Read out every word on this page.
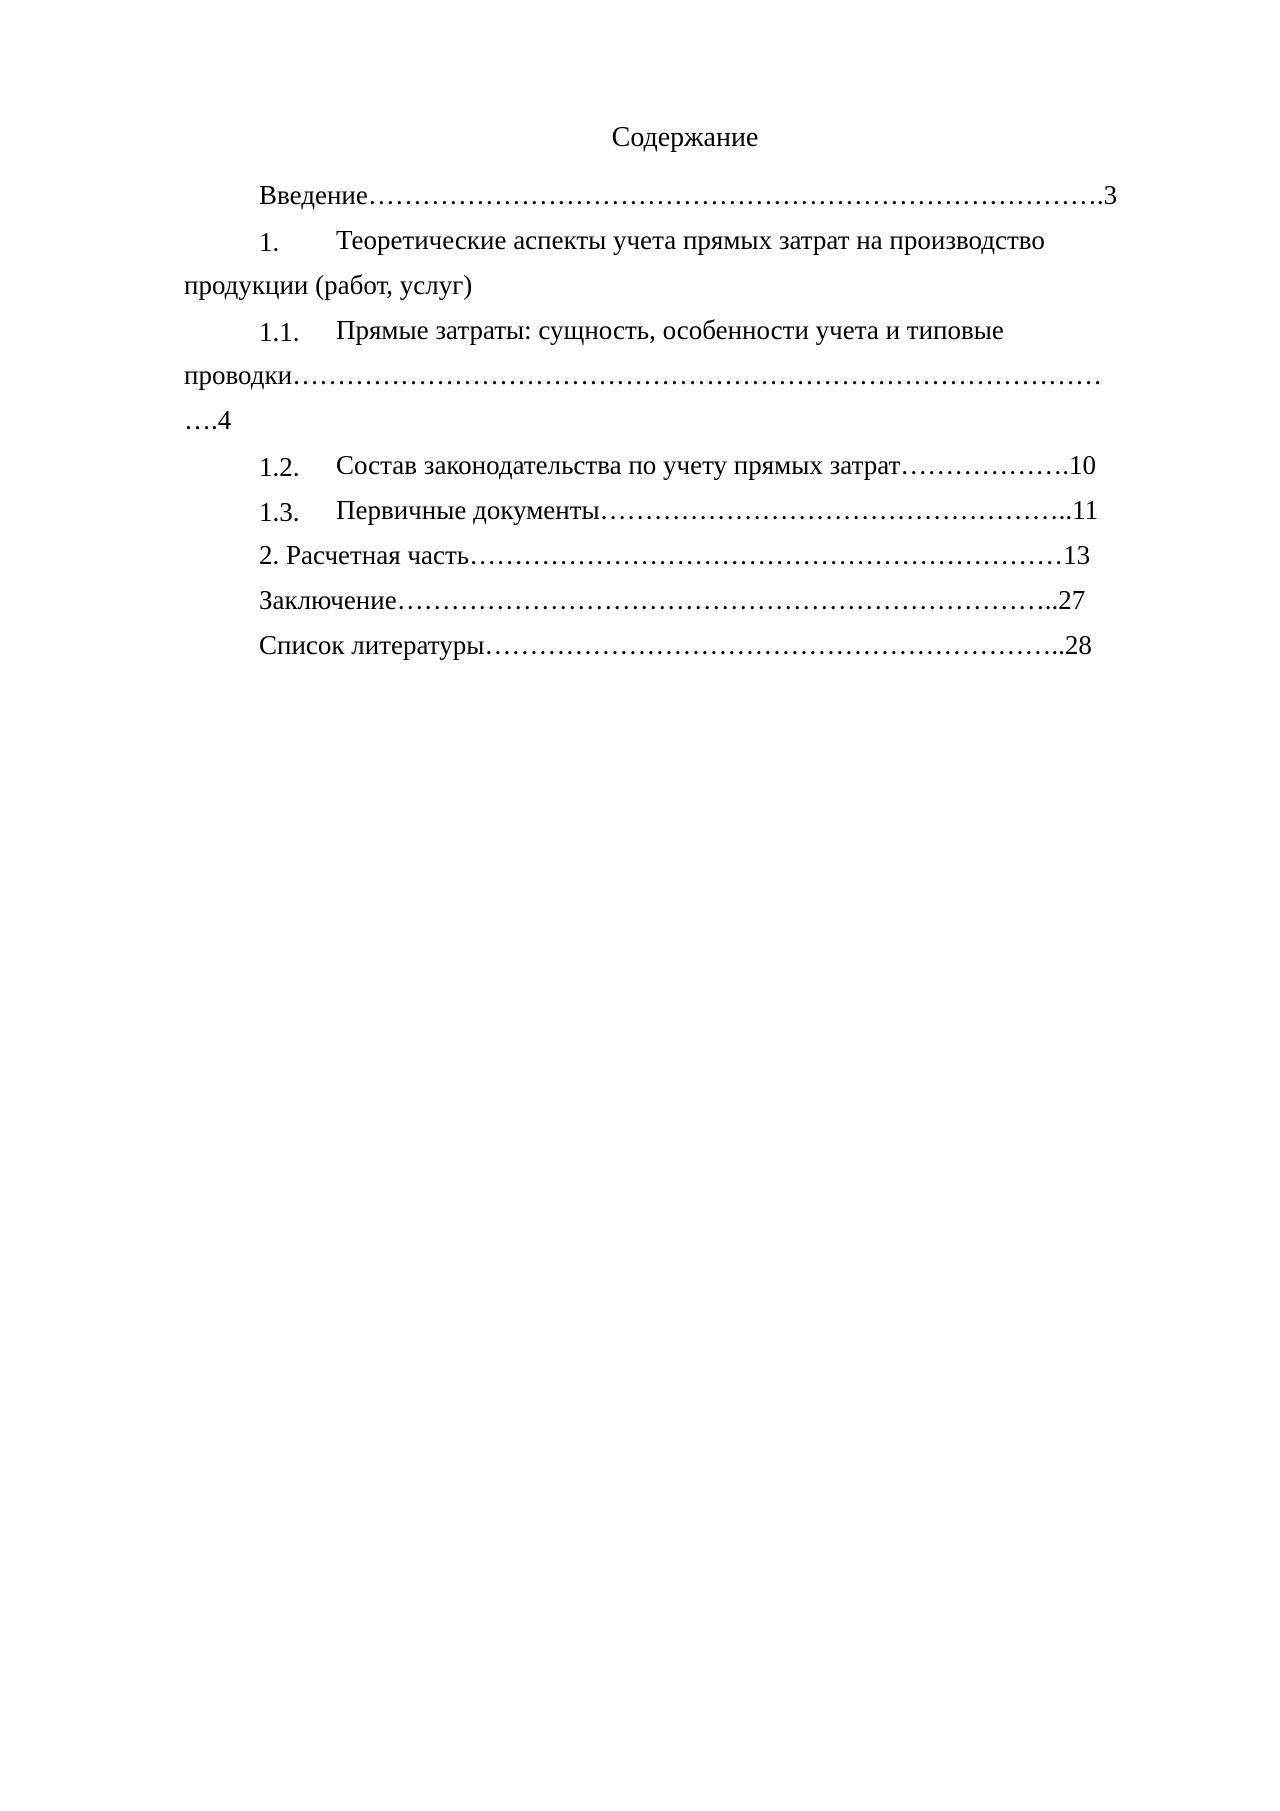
Содержание
Введение……………………………………………………………………….3
1. Теоретические аспекты учета прямых затрат на производство
продукции (работ, услуг)
1.1. Прямые затраты: сущность, особенности учета и типовые
проводки………………………………………………………………………………
….4
1.2. Состав законодательства по учету прямых затрат……………….10
1.3. Первичные документы……………………………………………..11
2. Расчетная часть…………………………………………………………13
Заключение………………………………………………………………..27
Список литературы………………………………………………………..28
